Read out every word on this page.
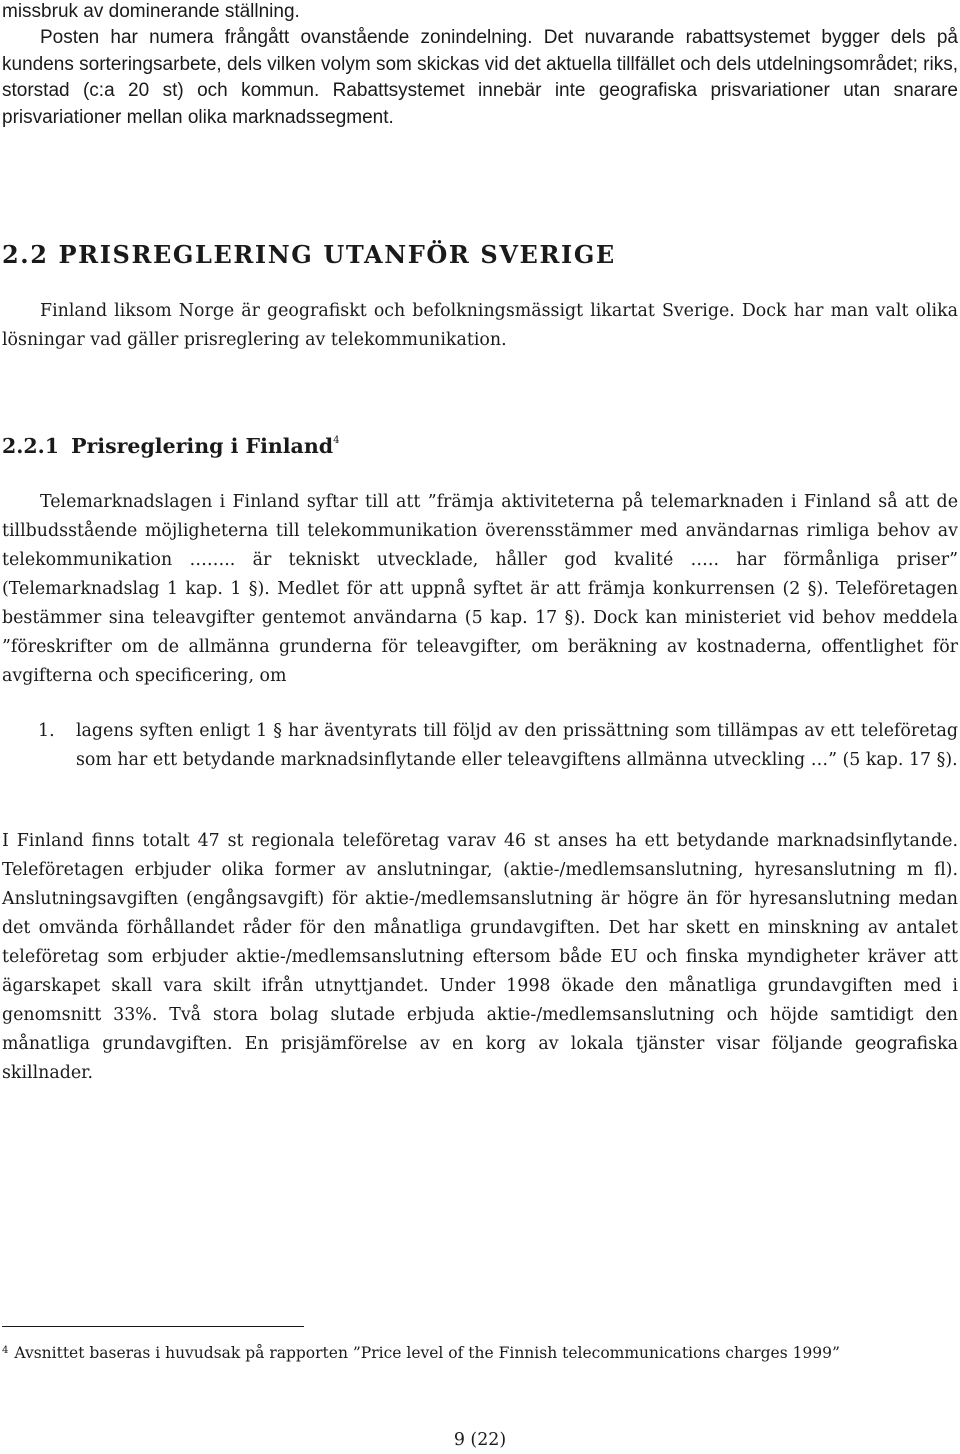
missbruk av dominerande ställning.

Posten har numera frångått ovanstående zonindelning. Det nuvarande rabattsystemet bygger dels på kundens sorteringsarbete, dels vilken volym som skickas vid det aktuella tillfället och dels utdelningsområdet; riks, storstad (c:a 20 st) och kommun. Rabattsystemet innebär inte geografiska prisvariationer utan snarare prisvariationer mellan olika marknadssegment.

2.2 PRISREGLERING UTANFÖR SVERIGE

Finland liksom Norge är geografiskt och befolkningsmässigt likartat Sverige. Dock har man valt olika lösningar vad gäller prisreglering av telekommunikation.

2.2.1 Prisreglering i Finland$^4$

Telemarknadslagen i Finland syftar till att ”främja aktiviteterna på telemarknaden i Finland så att de tillbudsstående möjligheterna till telekommunikation överensstämmer med användarnas rimliga behov av telekommunikation …….. är tekniskt utvecklade, håller god kvalité ….. har förmånliga priser” (Telemarknadslag 1 kap. 1 §). Medlet för att uppnå syftet är att främja konkurrensen (2 §). Teleföretagen bestämmer sina teleavgifter gentemot användarna (5 kap. 17 §). Dock kan ministeriet vid behov meddela ”föreskrifter om de allmänna grunderna för teleavgifter, om beräkning av kostnaderna, offentlighet för avgifterna och specificering, om

1. lagens syften enligt 1 § har äventyrats till följd av den prissättning som tillämpas av ett teleföretag som har ett betydande marknadsinflytande eller teleavgiftens allmänna utveckling …” (5 kap. 17 §).

I Finland finns totalt 47 st regionala teleföretag varav 46 st anses ha ett betydande marknadsinflytande. Teleföretagen erbjuder olika former av anslutningar, (aktie-/medlemsanslutning, hyresanslutning m fl). Anslutningsavgiften (engångsavgift) för aktie-/medlemsanslutning är högre än för hyresanslutning medan det omvända förhållandet råder för den månatliga grundavgiften. Det har skett en minskning av antalet teleföretag som erbjuder aktie-/medlemsanslutning eftersom både EU och finska myndigheter kräver att ägarskapet skall vara skilt ifrån utnyttjandet. Under 1998 ökade den månatliga grundavgiften med i genomsnitt 33%. Två stora bolag slutade erbjuda aktie-/medlemsanslutning och höjde samtidigt den månatliga grundavgiften. En prisjämförelse av en korg av lokala tjänster visar följande geografiska skillnader.

$^4$ Avsnittet baseras i huvudsak på rapporten ”Price level of the Finnish telecommunications charges 1999”
9 (22)
